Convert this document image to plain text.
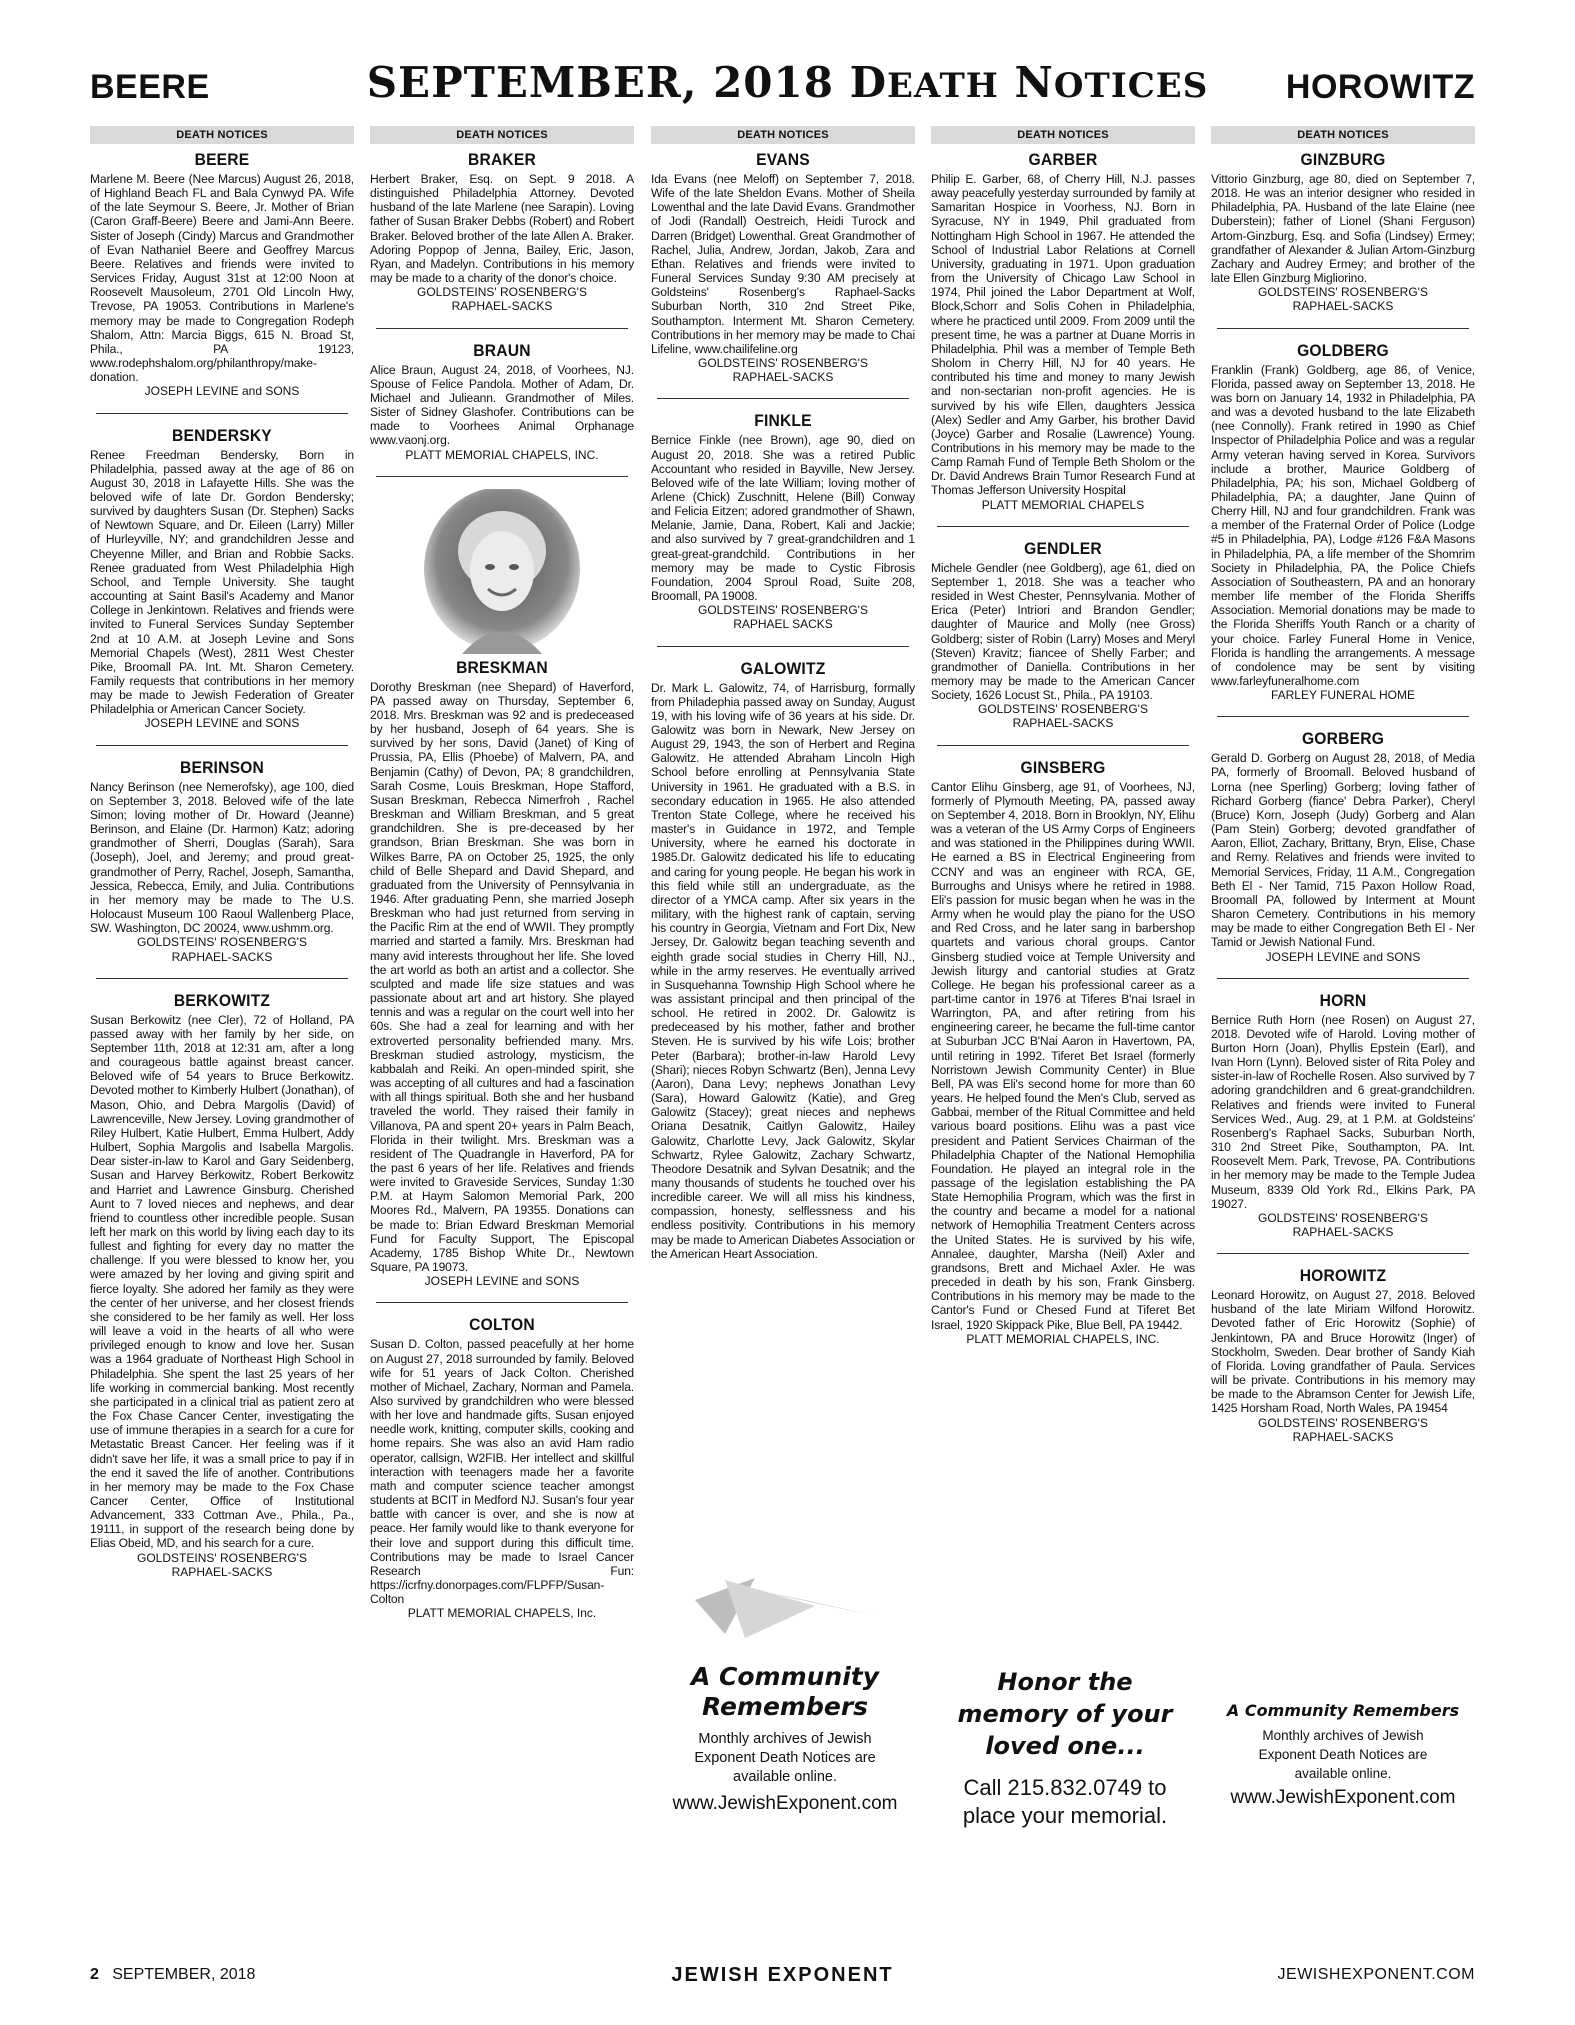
BEERE	SEPTEMBER, 2018 DEATH NOTICES	HOROWITZ
DEATH NOTICES
BEERE
Marlene M. Beere (Nee Marcus) August 26, 2018, of Highland Beach FL and Bala Cynwyd PA. Wife of the late Seymour S. Beere, Jr. Mother of Brian (Caron Graff-Beere) Beere and Jami-Ann Beere. Sister of Joseph (Cindy) Marcus and Grandmother of Evan Nathaniel Beere and Geoffrey Marcus Beere. Relatives and friends were invited to Services Friday, August 31st at 12:00 Noon at Roosevelt Mausoleum, 2701 Old Lincoln Hwy, Trevose, PA 19053. Contributions in Marlene's memory may be made to Congregation Rodeph Shalom, Attn: Marcia Biggs, 615 N. Broad St, Phila., PA 19123, www.rodephshalom.org/philanthropy/make-donation.
JOSEPH LEVINE and SONS
BENDERSKY
Renee Freedman Bendersky, Born in Philadelphia, passed away at the age of 86 on August 30, 2018 in Lafayette Hills. She was the beloved wife of late Dr. Gordon Bendersky; survived by daughters Susan (Dr. Stephen) Sacks of Newtown Square, and Dr. Eileen (Larry) Miller of Hurleyville, NY; and grandchildren Jesse and Cheyenne Miller, and Brian and Robbie Sacks. Renee graduated from West Philadelphia High School, and Temple University. She taught accounting at Saint Basil's Academy and Manor College in Jenkintown. Relatives and friends were invited to Funeral Services Sunday September 2nd at 10 A.M. at Joseph Levine and Sons Memorial Chapels (West), 2811 West Chester Pike, Broomall PA. Int. Mt. Sharon Cemetery. Family requests that contributions in her memory may be made to Jewish Federation of Greater Philadelphia or American Cancer Society.
JOSEPH LEVINE and SONS
BERINSON
Nancy Berinson (nee Nemerofsky), age 100, died on September 3, 2018. Beloved wife of the late Simon; loving mother of Dr. Howard (Jeanne) Berinson, and Elaine (Dr. Harmon) Katz; adoring grandmother of Sherri, Douglas (Sarah), Sara (Joseph), Joel, and Jeremy; and proud great-grandmother of Perry, Rachel, Joseph, Samantha, Jessica, Rebecca, Emily, and Julia. Contributions in her memory may be made to The U.S. Holocaust Museum 100 Raoul Wallenberg Place, SW. Washington, DC 20024, www.ushmm.org.
GOLDSTEINS' ROSENBERG'S
RAPHAEL-SACKS
BERKOWITZ
Susan Berkowitz (nee Cler), 72 of Holland, PA passed away with her family by her side, on September 11th, 2018 at 12:31 am, after a long and courageous battle against breast cancer. Beloved wife of 54 years to Bruce Berkowitz. Devoted mother to Kimberly Hulbert (Jonathan), of Mason, Ohio, and Debra Margolis (David) of Lawrenceville, New Jersey. Loving grandmother of Riley Hulbert, Katie Hulbert, Emma Hulbert, Addy Hulbert, Sophia Margolis and Isabella Margolis. Dear sister-in-law to Karol and Gary Seidenberg, Susan and Harvey Berkowitz, Robert Berkowitz and Harriet and Lawrence Ginsburg. Cherished Aunt to 7 loved nieces and nephews, and dear friend to countless other incredible people. Susan left her mark on this world by living each day to its fullest and fighting for every day no matter the challenge. If you were blessed to know her, you were amazed by her loving and giving spirit and fierce loyalty. She adored her family as they were the center of her universe, and her closest friends she considered to be her family as well. Her loss will leave a void in the hearts of all who were privileged enough to know and love her. Susan was a 1964 graduate of Northeast High School in Philadelphia. She spent the last 25 years of her life working in commercial banking. Most recently she participated in a clinical trial as patient zero at the Fox Chase Cancer Center, investigating the use of immune therapies in a search for a cure for Metastatic Breast Cancer. Her feeling was if it didn't save her life, it was a small price to pay if in the end it saved the life of another. Contributions in her memory may be made to the Fox Chase Cancer Center, Office of Institutional Advancement, 333 Cottman Ave., Phila., Pa., 19111, in support of the research being done by Elias Obeid, MD, and his search for a cure.
GOLDSTEINS' ROSENBERG'S
RAPHAEL-SACKS
DEATH NOTICES
BRAKER
Herbert Braker, Esq. on Sept. 9 2018. A distinguished Philadelphia Attorney. Devoted husband of the late Marlene (nee Sarapin). Loving father of Susan Braker Debbs (Robert) and Robert Braker. Beloved brother of the late Allen A. Braker. Adoring Poppop of Jenna, Bailey, Eric, Jason, Ryan, and Madelyn. Contributions in his memory may be made to a charity of the donor's choice.
GOLDSTEINS' ROSENBERG'S
RAPHAEL-SACKS
BRAUN
Alice Braun, August 24, 2018, of Voorhees, NJ. Spouse of Felice Pandola. Mother of Adam, Dr. Michael and Julieann. Grandmother of Miles. Sister of Sidney Glashofer. Contributions can be made to Voorhees Animal Orphanage www.vaonj.org.
PLATT MEMORIAL CHAPELS, INC.
BRESKMAN
Dorothy Breskman (nee Shepard) of Haverford, PA passed away on Thursday, September 6, 2018. Mrs. Breskman was 92 and is predeceased by her husband, Joseph of 64 years. She is survived by her sons, David (Janet) of King of Prussia, PA, Ellis (Phoebe) of Malvern, PA, and Benjamin (Cathy) of Devon, PA; 8 grandchildren, Sarah Cosme, Louis Breskman, Hope Stafford, Susan Breskman, Rebecca Nimerfroh , Rachel Breskman and William Breskman, and 5 great grandchildren. She is pre-deceased by her grandson, Brian Breskman. She was born in Wilkes Barre, PA on October 25, 1925, the only child of Belle Shepard and David Shepard, and graduated from the University of Pennsylvania in 1946. After graduating Penn, she married Joseph Breskman who had just returned from serving in the Pacific Rim at the end of WWII. They promptly married and started a family. Mrs. Breskman had many avid interests throughout her life. She loved the art world as both an artist and a collector. She sculpted and made life size statues and was passionate about art and art history. She played tennis and was a regular on the court well into her 60s. She had a zeal for learning and with her extroverted personality befriended many. Mrs. Breskman studied astrology, mysticism, the kabbalah and Reiki. An open-minded spirit, she was accepting of all cultures and had a fascination with all things spiritual. Both she and her husband traveled the world. They raised their family in Villanova, PA and spent 20+ years in Palm Beach, Florida in their twilight. Mrs. Breskman was a resident of The Quadrangle in Haverford, PA for the past 6 years of her life. Relatives and friends were invited to Graveside Services, Sunday 1:30 P.M. at Haym Salomon Memorial Park, 200 Moores Rd., Malvern, PA 19355. Donations can be made to: Brian Edward Breskman Memorial Fund for Faculty Support, The Episcopal Academy, 1785 Bishop White Dr., Newtown Square, PA 19073.
JOSEPH LEVINE and SONS
COLTON
Susan D. Colton, passed peacefully at her home on August 27, 2018 surrounded by family. Beloved wife for 51 years of Jack Colton. Cherished mother of Michael, Zachary, Norman and Pamela. Also survived by grandchildren who were blessed with her love and handmade gifts. Susan enjoyed needle work, knitting, computer skills, cooking and home repairs. She was also an avid Ham radio operator, callsign, W2FIB. Her intellect and skillful interaction with teenagers made her a favorite math and computer science teacher amongst students at BCIT in Medford NJ. Susan's four year battle with cancer is over, and she is now at peace. Her family would like to thank everyone for their love and support during this difficult time. Contributions may be made to Israel Cancer Research Fun: https://icrfny.donorpages.com/FLPFP/Susan-Colton
PLATT MEMORIAL CHAPELS, Inc.
DEATH NOTICES
EVANS
Ida Evans (nee Meloff) on September 7, 2018. Wife of the late Sheldon Evans. Mother of Sheila Lowenthal and the late David Evans. Grandmother of Jodi (Randall) Oestreich, Heidi Turock and Darren (Bridget) Lowenthal. Great Grandmother of Rachel, Julia, Andrew, Jordan, Jakob, Zara and Ethan. Relatives and friends were invited to Funeral Services Sunday 9:30 AM precisely at Goldsteins' Rosenberg's Raphael-Sacks Suburban North, 310 2nd Street Pike, Southampton. Interment Mt. Sharon Cemetery. Contributions in her memory may be made to Chai Lifeline, www.chailifeline.org
GOLDSTEINS' ROSENBERG'S
RAPHAEL-SACKS
FINKLE
Bernice Finkle (nee Brown), age 90, died on August 20, 2018. She was a retired Public Accountant who resided in Bayville, New Jersey. Beloved wife of the late William; loving mother of Arlene (Chick) Zuschnitt, Helene (Bill) Conway and Felicia Eitzen; adored grandmother of Shawn, Melanie, Jamie, Dana, Robert, Kali and Jackie; and also survived by 7 great-grandchildren and 1 great-great-grandchild. Contributions in her memory may be made to Cystic Fibrosis Foundation, 2004 Sproul Road, Suite 208, Broomall, PA 19008.
GOLDSTEINS' ROSENBERG'S
RAPHAEL SACKS
GALOWITZ
Dr. Mark L. Galowitz, 74, of Harrisburg, formally from Philadephia passed away on Sunday, August 19, with his loving wife of 36 years at his side. Dr. Galowitz was born in Newark, New Jersey on August 29, 1943, the son of Herbert and Regina Galowitz. He attended Abraham Lincoln High School before enrolling at Pennsylvania State University in 1961. He graduated with a B.S. in secondary education in 1965. He also attended Trenton State College, where he received his master's in Guidance in 1972, and Temple University, where he earned his doctorate in 1985.Dr. Galowitz dedicated his life to educating and caring for young people. He began his work in this field while still an undergraduate, as the director of a YMCA camp. After six years in the military, with the highest rank of captain, serving his country in Georgia, Vietnam and Fort Dix, New Jersey, Dr. Galowitz began teaching seventh and eighth grade social studies in Cherry Hill, NJ., while in the army reserves. He eventually arrived in Susquehanna Township High School where he was assistant principal and then principal of the school. He retired in 2002. Dr. Galowitz is predeceased by his mother, father and brother Steven. He is survived by his wife Lois; brother Peter (Barbara); brother-in-law Harold Levy (Shari); nieces Robyn Schwartz (Ben), Jenna Levy (Aaron), Dana Levy; nephews Jonathan Levy (Sara), Howard Galowitz (Katie), and Greg Galowitz (Stacey); great nieces and nephews Oriana Desatnik, Caitlyn Galowitz, Hailey Galowitz, Charlotte Levy, Jack Galowitz, Skylar Schwartz, Rylee Galowitz, Zachary Schwartz, Theodore Desatnik and Sylvan Desatnik; and the many thousands of students he touched over his incredible career. We will all miss his kindness, compassion, honesty, selflessness and his endless positivity. Contributions in his memory may be made to American Diabetes Association or the American Heart Association.
DEATH NOTICES
GARBER
Philip E. Garber, 68, of Cherry Hill, N.J. passes away peacefully yesterday surrounded by family at Samaritan Hospice in Voorhess, NJ. Born in Syracuse, NY in 1949, Phil graduated from Nottingham High School in 1967. He attended the School of Industrial Labor Relations at Cornell University, graduating in 1971. Upon graduation from the University of Chicago Law School in 1974, Phil joined the Labor Department at Wolf, Block,Schorr and Solis Cohen in Philadelphia, where he practiced until 2009. From 2009 until the present time, he was a partner at Duane Morris in Philadelphia. Phil was a member of Temple Beth Sholom in Cherry Hill, NJ for 40 years. He contributed his time and money to many Jewish and non-sectarian non-profit agencies. He is survived by his wife Ellen, daughters Jessica (Alex) Sedler and Amy Garber, his brother David (Joyce) Garber and Rosalie (Lawrence) Young. Contributions in his memory may be made to the Camp Ramah Fund of Temple Beth Sholom or the Dr. David Andrews Brain Tumor Research Fund at Thomas Jefferson University Hospital
PLATT MEMORIAL CHAPELS
GENDLER
Michele Gendler (nee Goldberg), age 61, died on September 1, 2018. She was a teacher who resided in West Chester, Pennsylvania. Mother of Erica (Peter) Intriori and Brandon Gendler; daughter of Maurice and Molly (nee Gross) Goldberg; sister of Robin (Larry) Moses and Meryl (Steven) Kravitz; fiancee of Shelly Farber; and grandmother of Daniella. Contributions in her memory may be made to the American Cancer Society, 1626 Locust St., Phila., PA 19103.
GOLDSTEINS' ROSENBERG'S
RAPHAEL-SACKS
GINSBERG
Cantor Elihu Ginsberg, age 91, of Voorhees, NJ, formerly of Plymouth Meeting, PA, passed away on September 4, 2018. Born in Brooklyn, NY, Elihu was a veteran of the US Army Corps of Engineers and was stationed in the Philippines during WWII. He earned a BS in Electrical Engineering from CCNY and was an engineer with RCA, GE, Burroughs and Unisys where he retired in 1988. Eli's passion for music began when he was in the Army when he would play the piano for the USO and Red Cross, and he later sang in barbershop quartets and various choral groups. Cantor Ginsberg studied voice at Temple University and Jewish liturgy and cantorial studies at Gratz College. He began his professional career as a part-time cantor in 1976 at Tiferes B'nai Israel in Warrington, PA, and after retiring from his engineering career, he became the full-time cantor at Suburban JCC B'Nai Aaron in Havertown, PA, until retiring in 1992. Tiferet Bet Israel (formerly Norristown Jewish Community Center) in Blue Bell, PA was Eli's second home for more than 60 years. He helped found the Men's Club, served as Gabbai, member of the Ritual Committee and held various board positions. Elihu was a past vice president and Patient Services Chairman of the Philadelphia Chapter of the National Hemophilia Foundation. He played an integral role in the passage of the legislation establishing the PA State Hemophilia Program, which was the first in the country and became a model for a national network of Hemophilia Treatment Centers across the United States. He is survived by his wife, Annalee, daughter, Marsha (Neil) Axler and grandsons, Brett and Michael Axler. He was preceded in death by his son, Frank Ginsberg. Contributions in his memory may be made to the Cantor's Fund or Chesed Fund at Tiferet Bet Israel, 1920 Skippack Pike, Blue Bell, PA 19442.
PLATT MEMORIAL CHAPELS, INC.
DEATH NOTICES
GINZBURG
Vittorio Ginzburg, age 80, died on September 7, 2018. He was an interior designer who resided in Philadelphia, PA. Husband of the late Elaine (nee Duberstein); father of Lionel (Shani Ferguson) Artom-Ginzburg, Esq. and Sofia (Lindsey) Ermey; grandfather of Alexander & Julian Artom-Ginzburg Zachary and Audrey Ermey; and brother of the late Ellen Ginzburg Migliorino.
GOLDSTEINS' ROSENBERG'S
RAPHAEL-SACKS
GOLDBERG
Franklin (Frank) Goldberg, age 86, of Venice, Florida, passed away on September 13, 2018. He was born on January 14, 1932 in Philadelphia, PA and was a devoted husband to the late Elizabeth (nee Connolly). Frank retired in 1990 as Chief Inspector of Philadelphia Police and was a regular Army veteran having served in Korea. Survivors include a brother, Maurice Goldberg of Philadelphia, PA; his son, Michael Goldberg of Philadelphia, PA; a daughter, Jane Quinn of Cherry Hill, NJ and four grandchildren. Frank was a member of the Fraternal Order of Police (Lodge #5 in Philadelphia, PA), Lodge #126 F&A Masons in Philadelphia, PA, a life member of the Shomrim Society in Philadelphia, PA, the Police Chiefs Association of Southeastern, PA and an honorary member life member of the Florida Sheriffs Association. Memorial donations may be made to the Florida Sheriffs Youth Ranch or a charity of your choice. Farley Funeral Home in Venice, Florida is handling the arrangements. A message of condolence may be sent by visiting www.farleyfuneralhome.com
FARLEY FUNERAL HOME
GORBERG
Gerald D. Gorberg on August 28, 2018, of Media PA, formerly of Broomall. Beloved husband of Lorna (nee Sperling) Gorberg; loving father of Richard Gorberg (fiance' Debra Parker), Cheryl (Bruce) Korn, Joseph (Judy) Gorberg and Alan (Pam Stein) Gorberg; devoted grandfather of Aaron, Elliot, Zachary, Brittany, Bryn, Elise, Chase and Remy. Relatives and friends were invited to Memorial Services, Friday, 11 A.M., Congregation Beth El - Ner Tamid, 715 Paxon Hollow Road, Broomall PA, followed by Interment at Mount Sharon Cemetery. Contributions in his memory may be made to either Congregation Beth El - Ner Tamid or Jewish National Fund.
JOSEPH LEVINE and SONS
HORN
Bernice Ruth Horn (nee Rosen) on August 27, 2018. Devoted wife of Harold. Loving mother of Burton Horn (Joan), Phyllis Epstein (Earl), and Ivan Horn (Lynn). Beloved sister of Rita Poley and sister-in-law of Rochelle Rosen. Also survived by 7 adoring grandchildren and 6 great-grandchildren. Relatives and friends were invited to Funeral Services Wed., Aug. 29, at 1 P.M. at Goldsteins' Rosenberg's Raphael Sacks, Suburban North, 310 2nd Street Pike, Southampton, PA. Int. Roosevelt Mem. Park, Trevose, PA. Contributions in her memory may be made to the Temple Judea Museum, 8339 Old York Rd., Elkins Park, PA 19027.
GOLDSTEINS' ROSENBERG'S
RAPHAEL-SACKS
HOROWITZ
Leonard Horowitz, on August 27, 2018. Beloved husband of the late Miriam Wilfond Horowitz. Devoted father of Eric Horowitz (Sophie) of Jenkintown, PA and Bruce Horowitz (Inger) of Stockholm, Sweden. Dear brother of Sandy Kiah of Florida. Loving grandfather of Paula. Services will be private. Contributions in his memory may be made to the Abramson Center for Jewish Life, 1425 Horsham Road, North Wales, PA 19454
GOLDSTEINS' ROSENBERG'S
RAPHAEL-SACKS
A Community Remembers
Monthly archives of Jewish Exponent Death Notices are available online.
www.JewishExponent.com
Honor the memory of your loved one...
Call 215.832.0749 to place your memorial.
A Community Remembers
Monthly archives of Jewish Exponent Death Notices are available online.
www.JewishExponent.com
2 SEPTEMBER, 2018	JEWISH EXPONENT	JEWISHEXPONENT.COM
